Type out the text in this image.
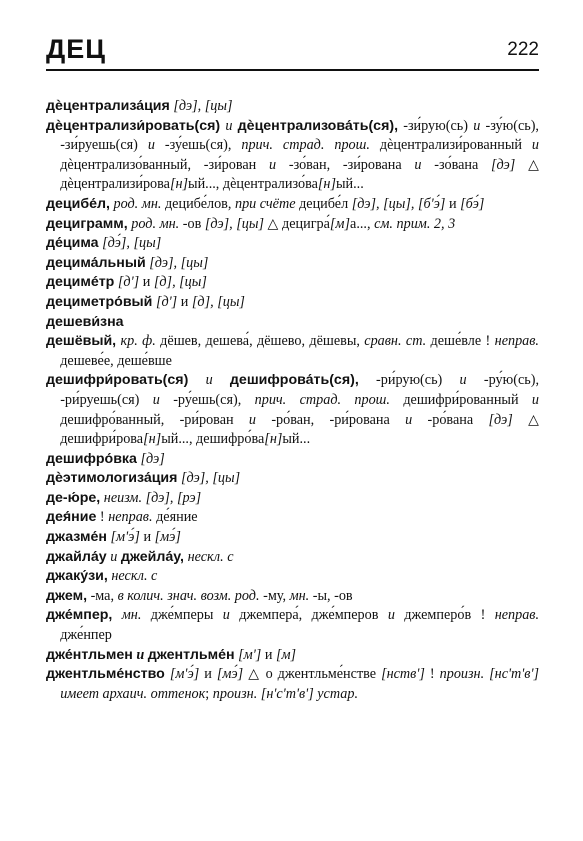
ДЕЦ	222

дѐцентрализа́ция [дэ], [цы]

дѐцентрализи́ровать(ся) и дѐцентрализова́ть(ся), -зи́рую(сь) и -зу́ю(сь), -зи́руешь(ся) и -зу́ешь(ся), прич. страд. прош. дѐцентрализи́рованный и дѐцентрализо́ванный, -зи́рован и -зо́ван, -зи́рована и -зо́вана [дэ] △ дѐцентрализи́рова[н]ый..., дѐцентрализо́ва[н]ый...

децибе́л, род. мн. децибе́лов, при счёте децибе́л [дэ], [цы], [бʹэ́] и [бэ́]

дециграмм, род. мн. -ов [дэ], [цы] △ децигра́[м]а..., см. прим. 2, 3

де́цима [дэ́], [цы]

децима́льный [дэ], [цы]

децимéтр [дʹ] и [д], [цы]

дециметро́вый [дʹ] и [д], [цы]

дешеви́зна

дешёвый, кр. ф. дёшев, дешева́, дёшево, дёшевы, сравн. ст. деше́вле ! неправ. дешеве́е, деше́вше

дешифри́ровать(ся) и дешифрова́ть(ся), -ри́рую(сь) и -ру́ю(сь), -ри́руешь(ся) и -ру́ешь(ся), прич. страд. прош. дешифри́рованный и дешифро́ванный, -ри́рован и -ро́ван, -ри́рована и -ро́вана [дэ] △ дешифри́рова[н]ый..., дешифро́ва[н]ый...

дешифро́вка [дэ]

дѐэтимологиза́ция [дэ], [цы]

де-ю́ре, неизм. [дэ], [рэ]

дея́ние ! неправ. де́яние

джазме́н [мʹэ́] и [мэ́]

джайла́у и джейла́у, нескл. с

джаку́зи, нескл. с

джем, -ма, в колич. знач. возм. род. -му, мн. -ы, -ов

дже́мпер, мн. дже́мперы и джемпера́, дже́мперов и джемперо́в ! неправ. дже́нпер

дже́нтльмен и джентльме́н [мʹ] и [м]

джентльме́нство [мʹэ́] и [мэ́] △ о джентльме́нстве [нствʹ] ! произн. [нсʹтʹвʹ] имеет архаич. оттенок; произн. [нʹсʹтʹвʹ] устар.
